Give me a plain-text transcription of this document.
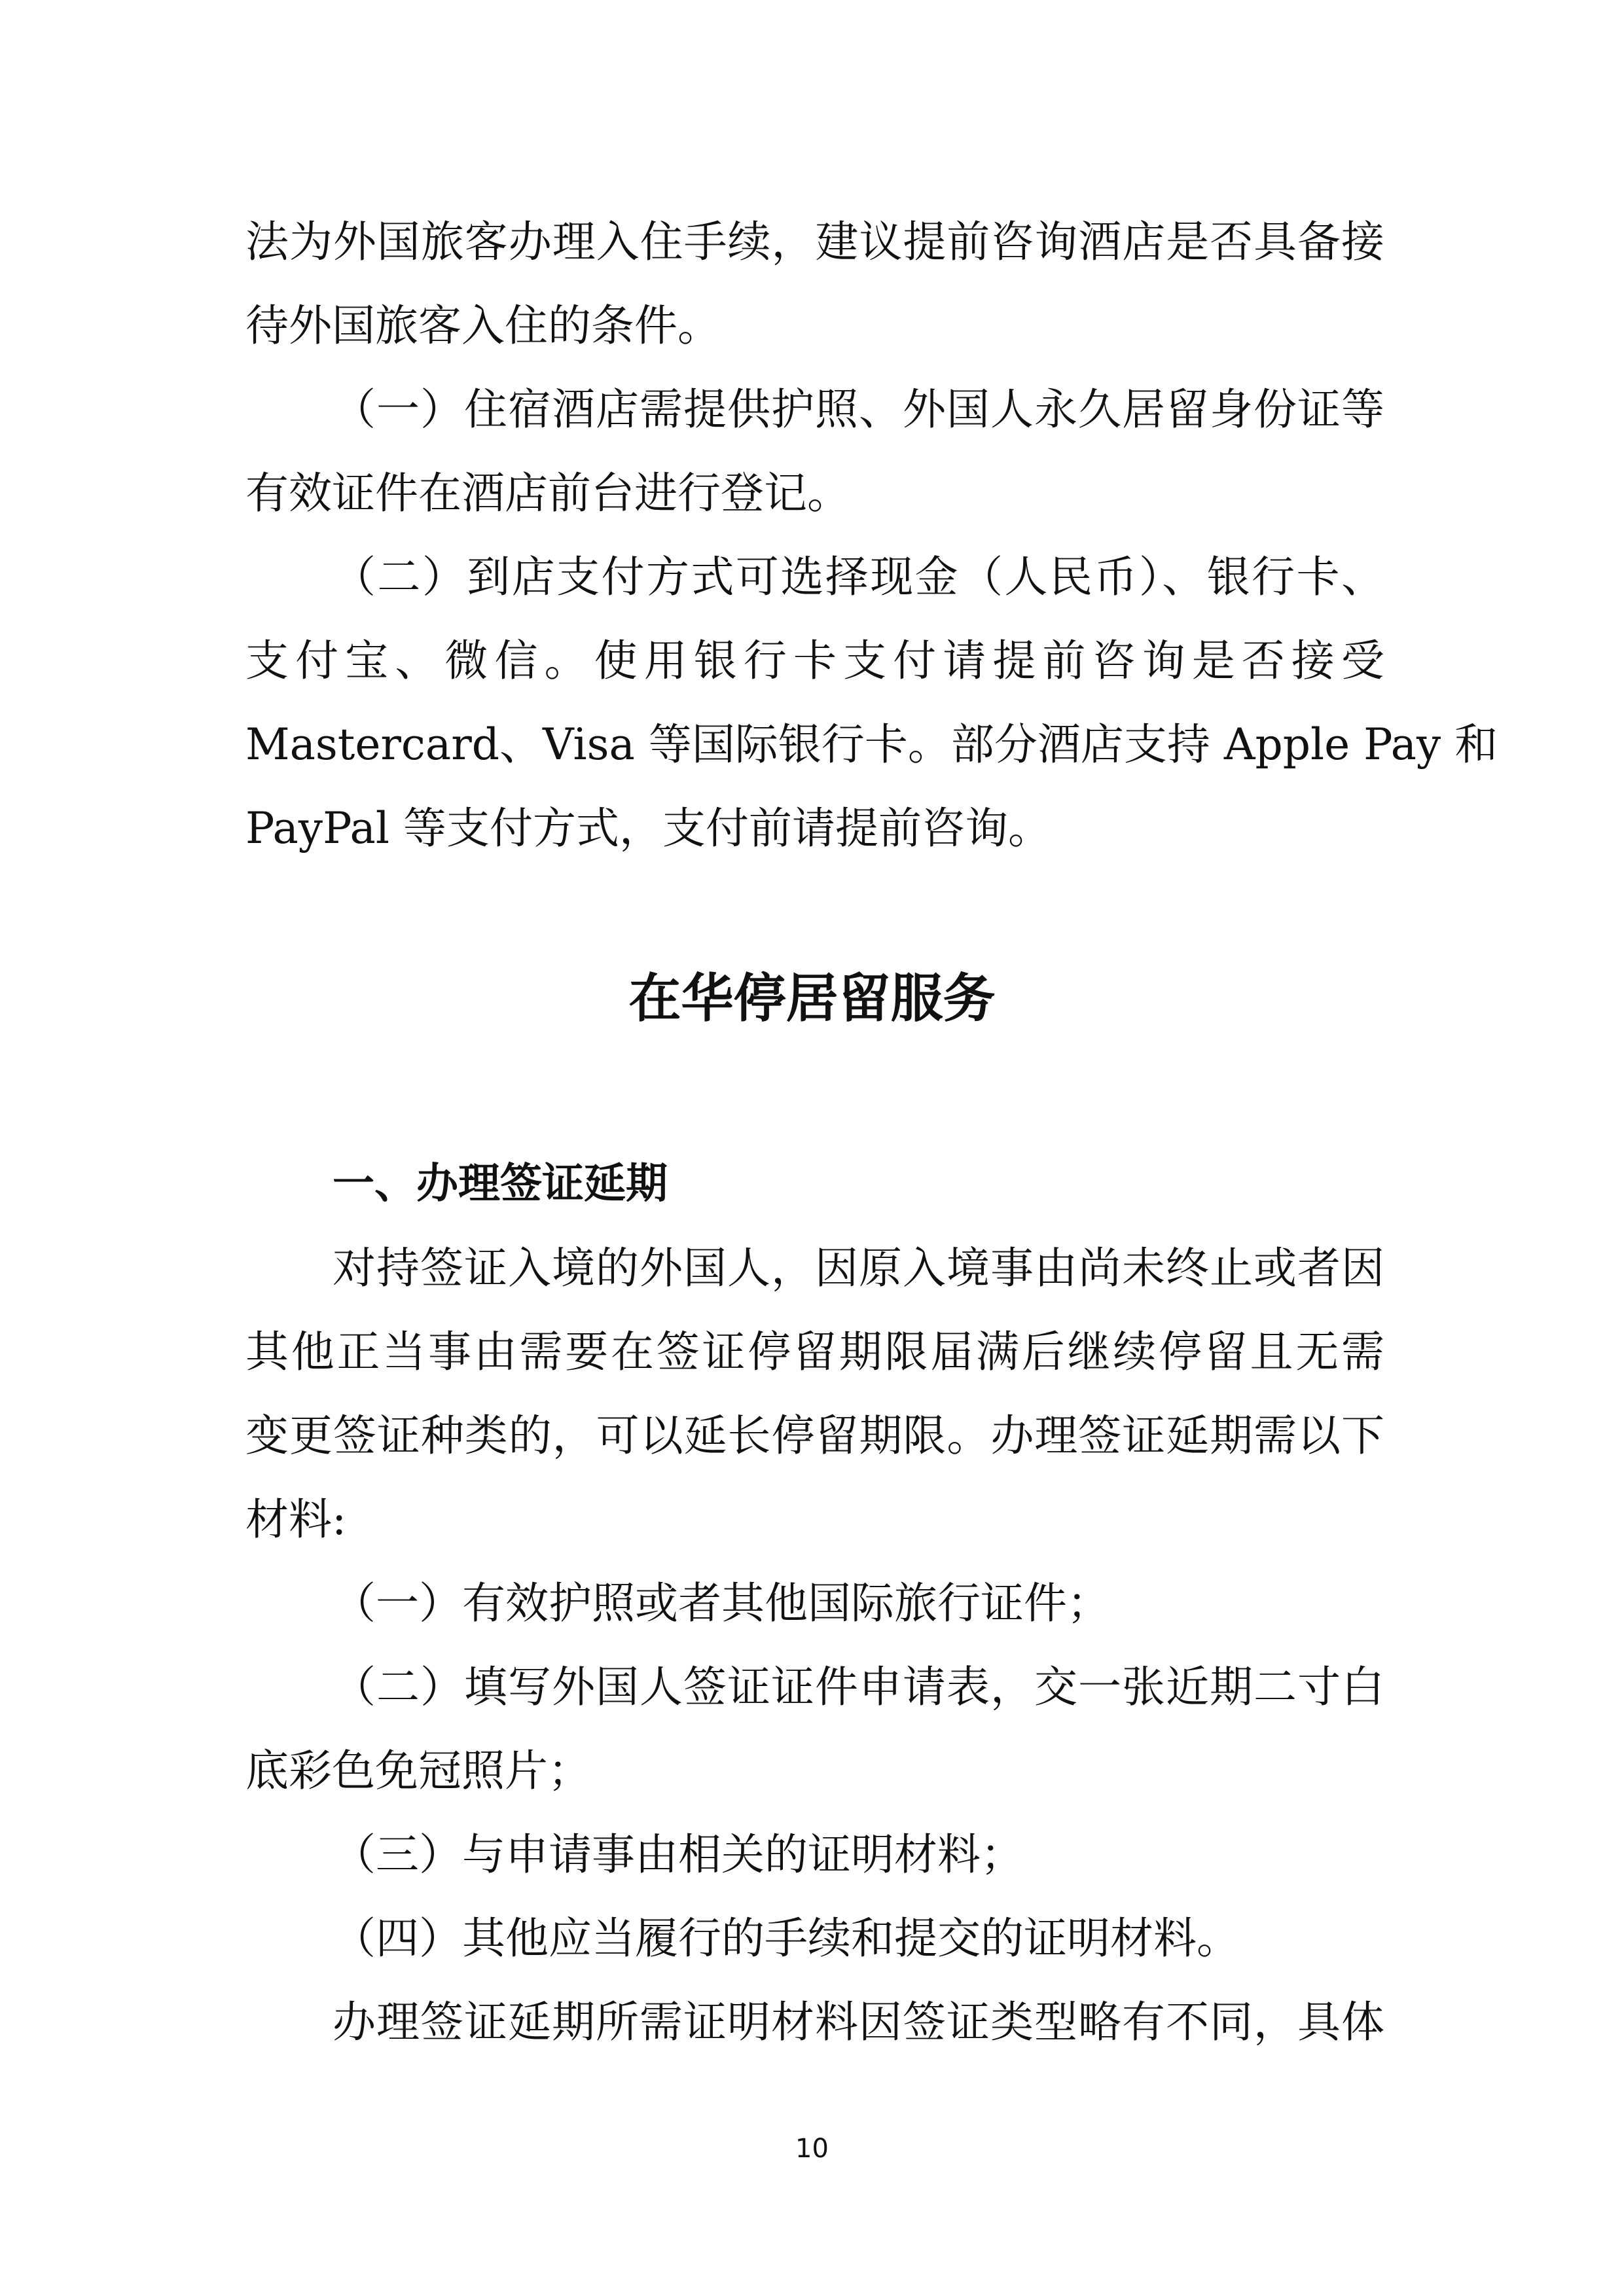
法为外国旅客办理入住手续，建议提前咨询酒店是否具备接
待外国旅客入住的条件。
（一）住宿酒店需提供护照、外国人永久居留身份证等
有效证件在酒店前台进行登记。
（二）到店支付方式可选择现金（人民币）、银行卡、
支付宝、微信。使用银行卡支付请提前咨询是否接受
Mastercard、Visa 等国际银行卡。部分酒店支持 Apple Pay 和
PayPal 等支付方式，支付前请提前咨询。
在华停居留服务
一、办理签证延期
对持签证入境的外国人，因原入境事由尚未终止或者因
其他正当事由需要在签证停留期限届满后继续停留且无需
变更签证种类的，可以延长停留期限。办理签证延期需以下
材料:
（一）有效护照或者其他国际旅行证件；
（二）填写外国人签证证件申请表，交一张近期二寸白
底彩色免冠照片；
（三）与申请事由相关的证明材料；
（四）其他应当履行的手续和提交的证明材料。
办理签证延期所需证明材料因签证类型略有不同，具体
10
